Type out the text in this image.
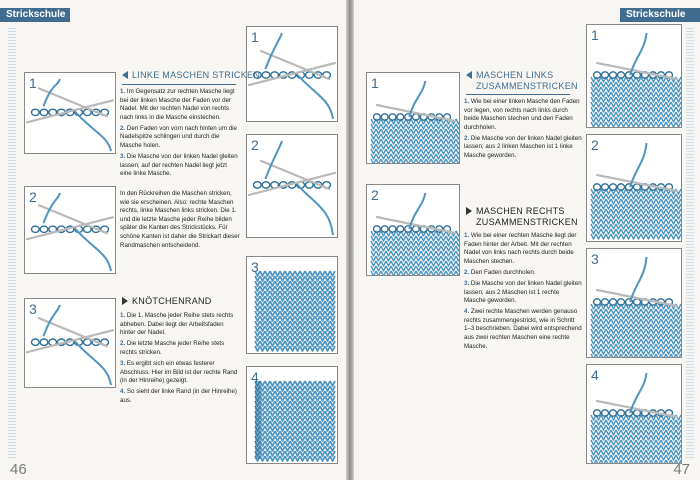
Strickschule
1
2
3
1
2
3
4
LINKE MASCHEN STRICKEN

1. Im Gegensatz zur rechten Masche liegt bei der linken Masche der Faden vor der Nadel. Mit der rechten Nadel von rechts nach links in die Masche einstechen.

2. Den Faden von vorn nach hinten um die Nadelspitze schlingen und durch die Masche holen.

3. Die Masche von der linken Nadel gleiten lassen; auf der rechten Nadel liegt jetzt eine linke Masche.

In den Rückreihen die Maschen stricken, wie sie erscheinen. Also: rechte Maschen rechts, linke Maschen links stricken. Die 1. und die letzte Masche jeder Reihe bilden später die Kanten des Strickstücks. Für schöne Kanten ist daher die Strickart dieser Randmaschen entscheidend.
KNÖTCHENRAND

1. Die 1. Masche jeder Reihe stets rechts abheben. Dabei liegt der Arbeitsfaden hinter der Nadel.

2. Die letzte Masche jeder Reihe stets rechts stricken.

3. Es ergibt sich ein etwas festerer Abschluss. Hier im Bild ist der rechte Rand (in der Hinreihe) gezeigt.

4. So sieht der linke Rand (in der Hinreihe) aus.

46
Strickschule
1
2
1
2
3
4
MASCHEN LINKS
ZUSAMMENSTRICKEN

1. Wie bei einer linken Masche den Faden vor legen, von rechts nach links durch beide Maschen stechen und den Faden durchholen.

2. Die Masche von der linken Nadel gleiten lassen; aus 2 linken Maschen ist 1 linke Masche geworden.

MASCHEN RECHTS
ZUSAMMENSTRICKEN

1. Wie bei einer rechten Masche liegt der Faden hinter der Arbeit. Mit der rechten Nadel von links nach rechts durch beide Maschen stechen.

2. Den Faden durchholen.

3. Die Masche von der linken Nadel gleiten lassen; aus 2 Maschen ist 1 rechte Masche geworden.

4. Zwei rechte Maschen werden genauso rechts zusammengestrickt, wie in Schritt 1–3 beschrieben. Dabei wird entsprechend aus zwei rechten Maschen eine rechte Masche.

47
